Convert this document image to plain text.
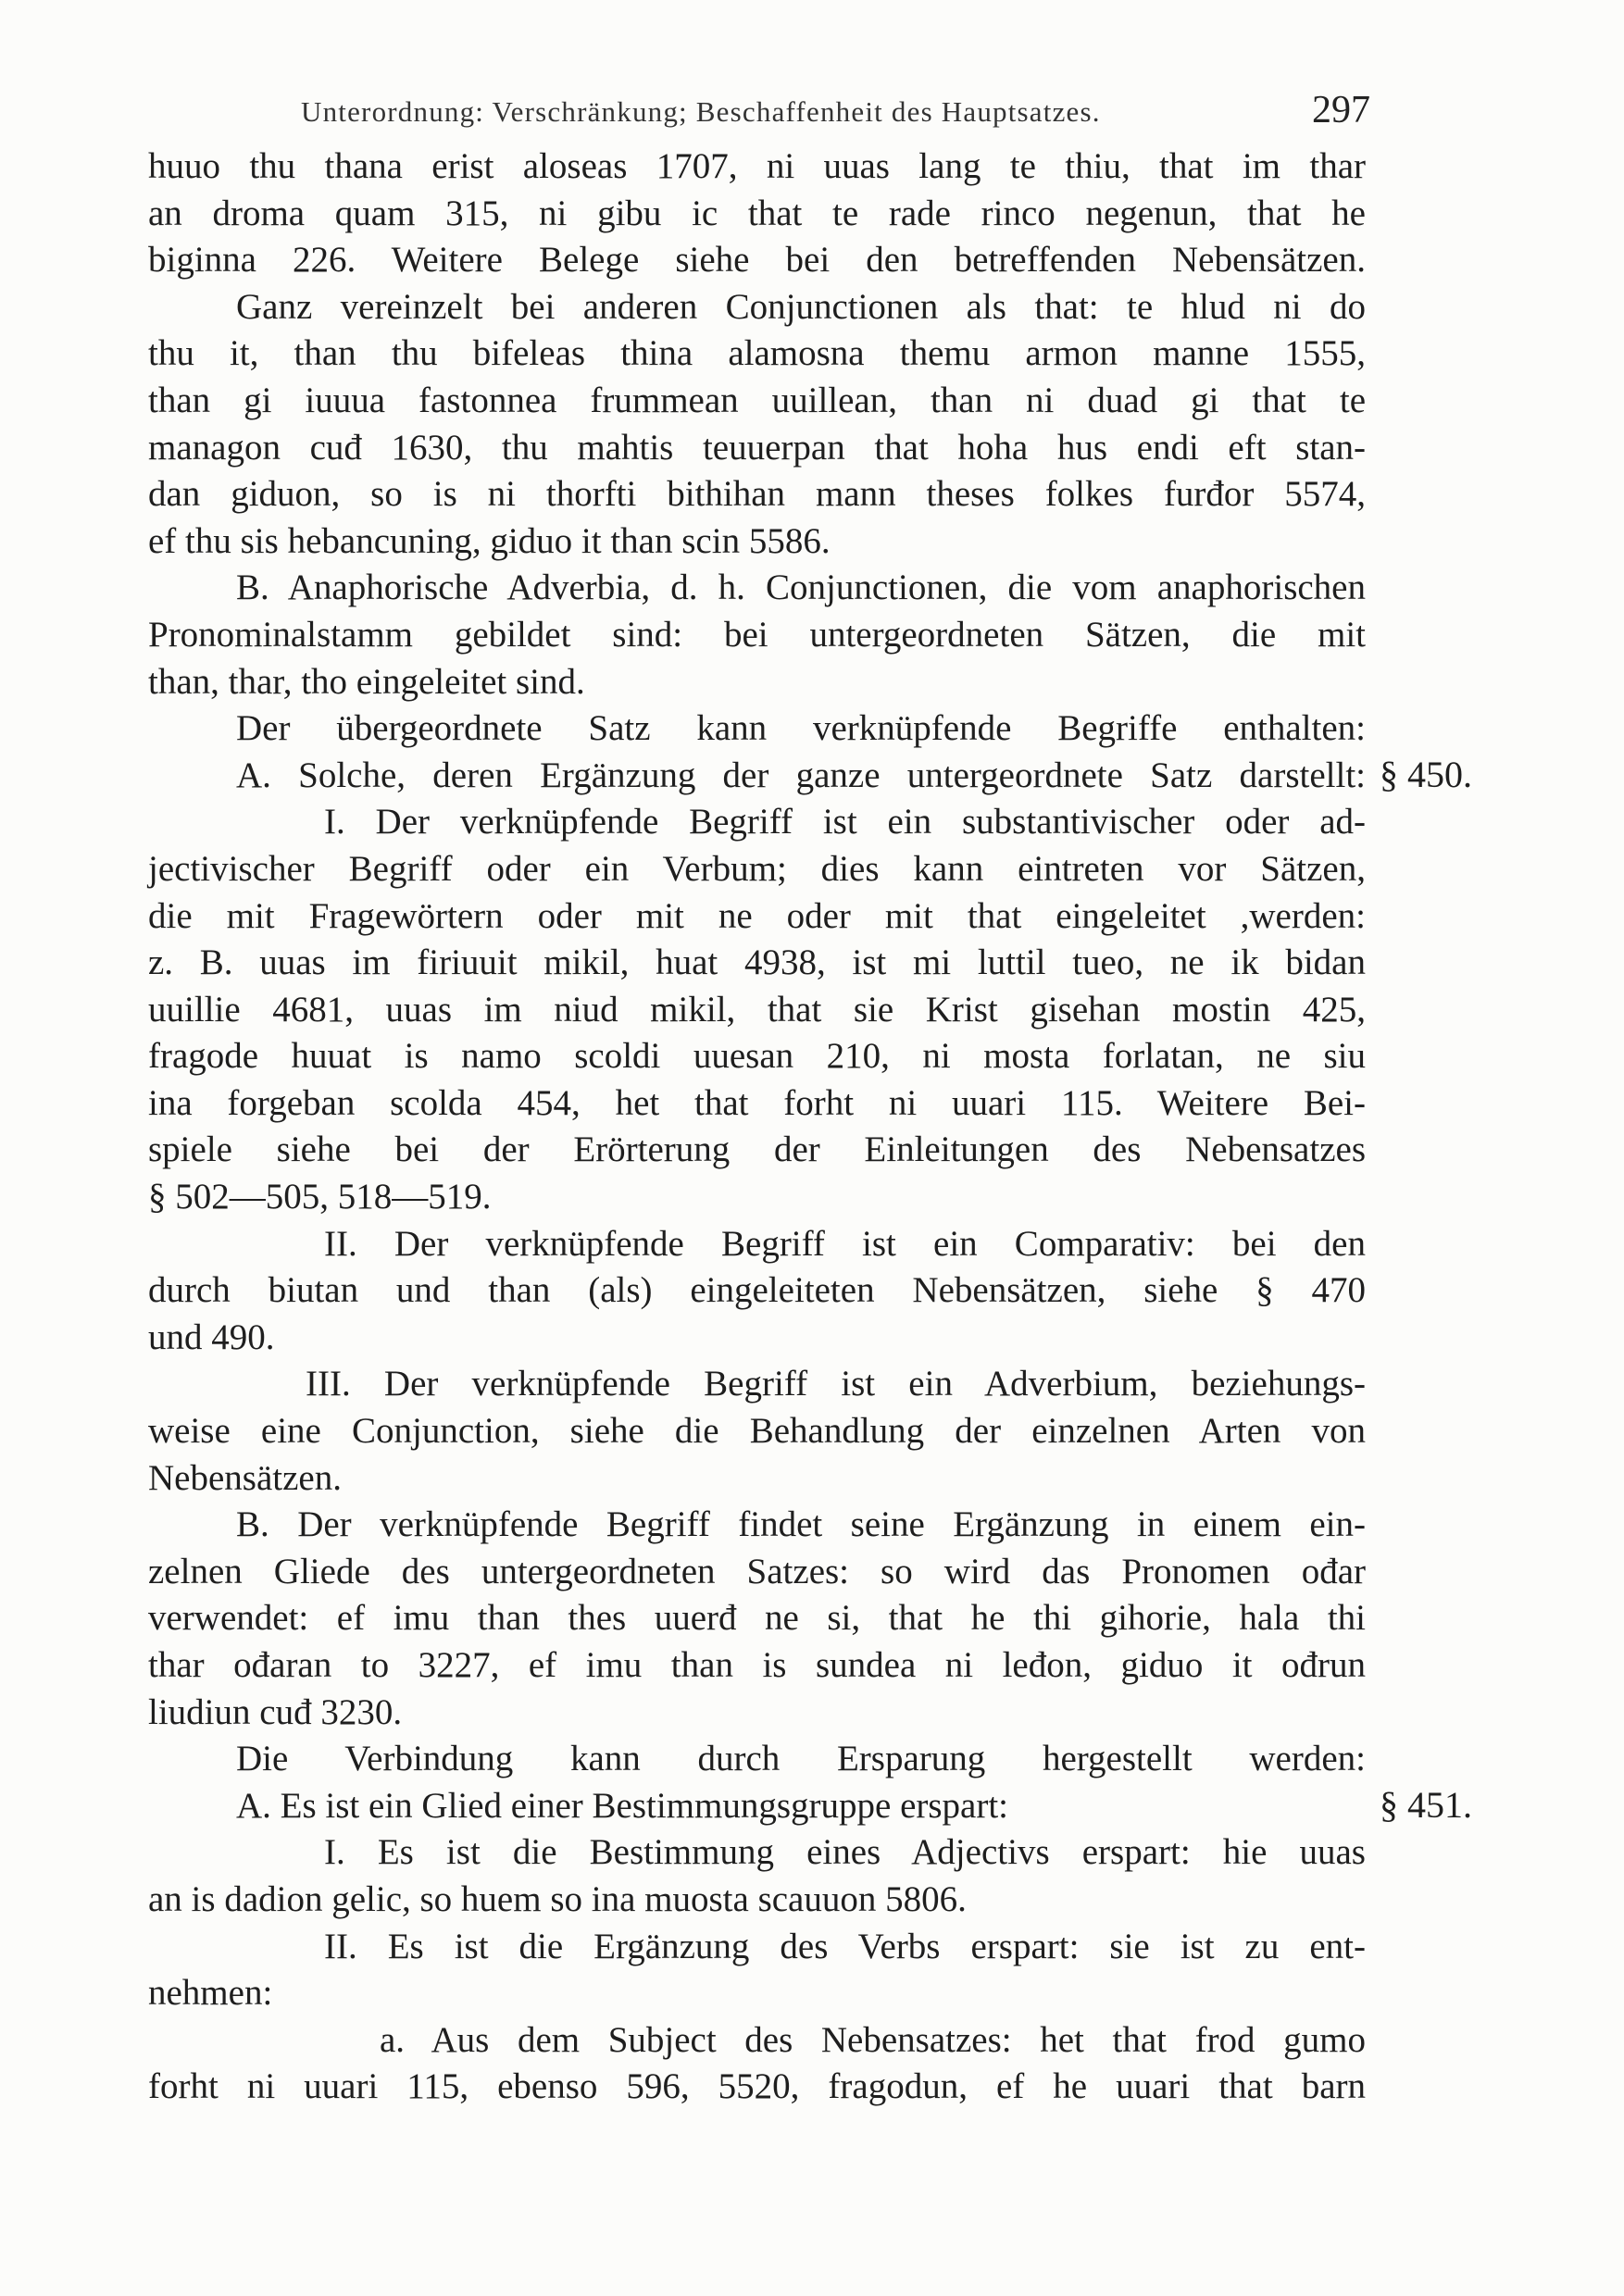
Unterordnung: Verschränkung; Beschaffenheit des Hauptsatzes.	297
huuo thu thana erist aloseas 1707, ni uuas lang te thiu, that im thar
an droma quam 315, ni gibu ic that te rade rinco negenun, that he
biginna 226. Weitere Belege siehe bei den betreffenden Nebensätzen.
Ganz vereinzelt bei anderen Conjunctionen als that: te hlud ni do
thu it, than thu bifeleas thina alamosna themu armon manne 1555,
than gi iuuua fastonnea frummean uuillean, than ni duad gi that te
managon cuđ 1630, thu mahtis teuuerpan that hoha hus endi eft stan-
dan giduon, so is ni thorfti bithihan mann theses folkes furđor 5574,
ef thu sis hebancuning, giduo it than scin 5586.
B. Anaphorische Adverbia, d. h. Conjunctionen, die vom anaphorischen
Pronominalstamm gebildet sind: bei untergeordneten Sätzen, die mit
than, thar, tho eingeleitet sind.
Der übergeordnete Satz kann verknüpfende Begriffe enthalten:
A. Solche, deren Ergänzung der ganze untergeordnete Satz darstellt:
I. Der verknüpfende Begriff ist ein substantivischer oder ad-
jectivischer Begriff oder ein Verbum; dies kann eintreten vor Sätzen,
die mit Fragewörtern oder mit ne oder mit that eingeleitet ,werden:
z. B. uuas im firiuuit mikil, huat 4938, ist mi luttil tueo, ne ik bidan
uuillie 4681, uuas im niud mikil, that sie Krist gisehan mostin 425,
fragode huuat is namo scoldi uuesan 210, ni mosta forlatan, ne siu
ina forgeban scolda 454, het that forht ni uuari 115. Weitere Bei-
spiele siehe bei der Erörterung der Einleitungen des Nebensatzes
§ 502—505, 518—519.
II. Der verknüpfende Begriff ist ein Comparativ: bei den
durch biutan und than (als) eingeleiteten Nebensätzen, siehe § 470
und 490.
III. Der verknüpfende Begriff ist ein Adverbium, beziehungs-
weise eine Conjunction, siehe die Behandlung der einzelnen Arten von
Nebensätzen.
B. Der verknüpfende Begriff findet seine Ergänzung in einem ein-
zelnen Gliede des untergeordneten Satzes: so wird das Pronomen ođar
verwendet: ef imu than thes uuerđ ne si, that he thi gihorie, hala thi
thar ođaran to 3227, ef imu than is sundea ni leđon, giduo it ođrun
liudiun cuđ 3230.
Die Verbindung kann durch Ersparung hergestellt werden:
A. Es ist ein Glied einer Bestimmungsgruppe erspart:
I. Es ist die Bestimmung eines Adjectivs erspart: hie uuas
an is dadion gelic, so huem so ina muosta scauuon 5806.
II. Es ist die Ergänzung des Verbs erspart: sie ist zu ent-
nehmen:
a. Aus dem Subject des Nebensatzes: het that frod gumo
forht ni uuari 115, ebenso 596, 5520, fragodun, ef he uuari that barn
§ 450.
§ 451.
